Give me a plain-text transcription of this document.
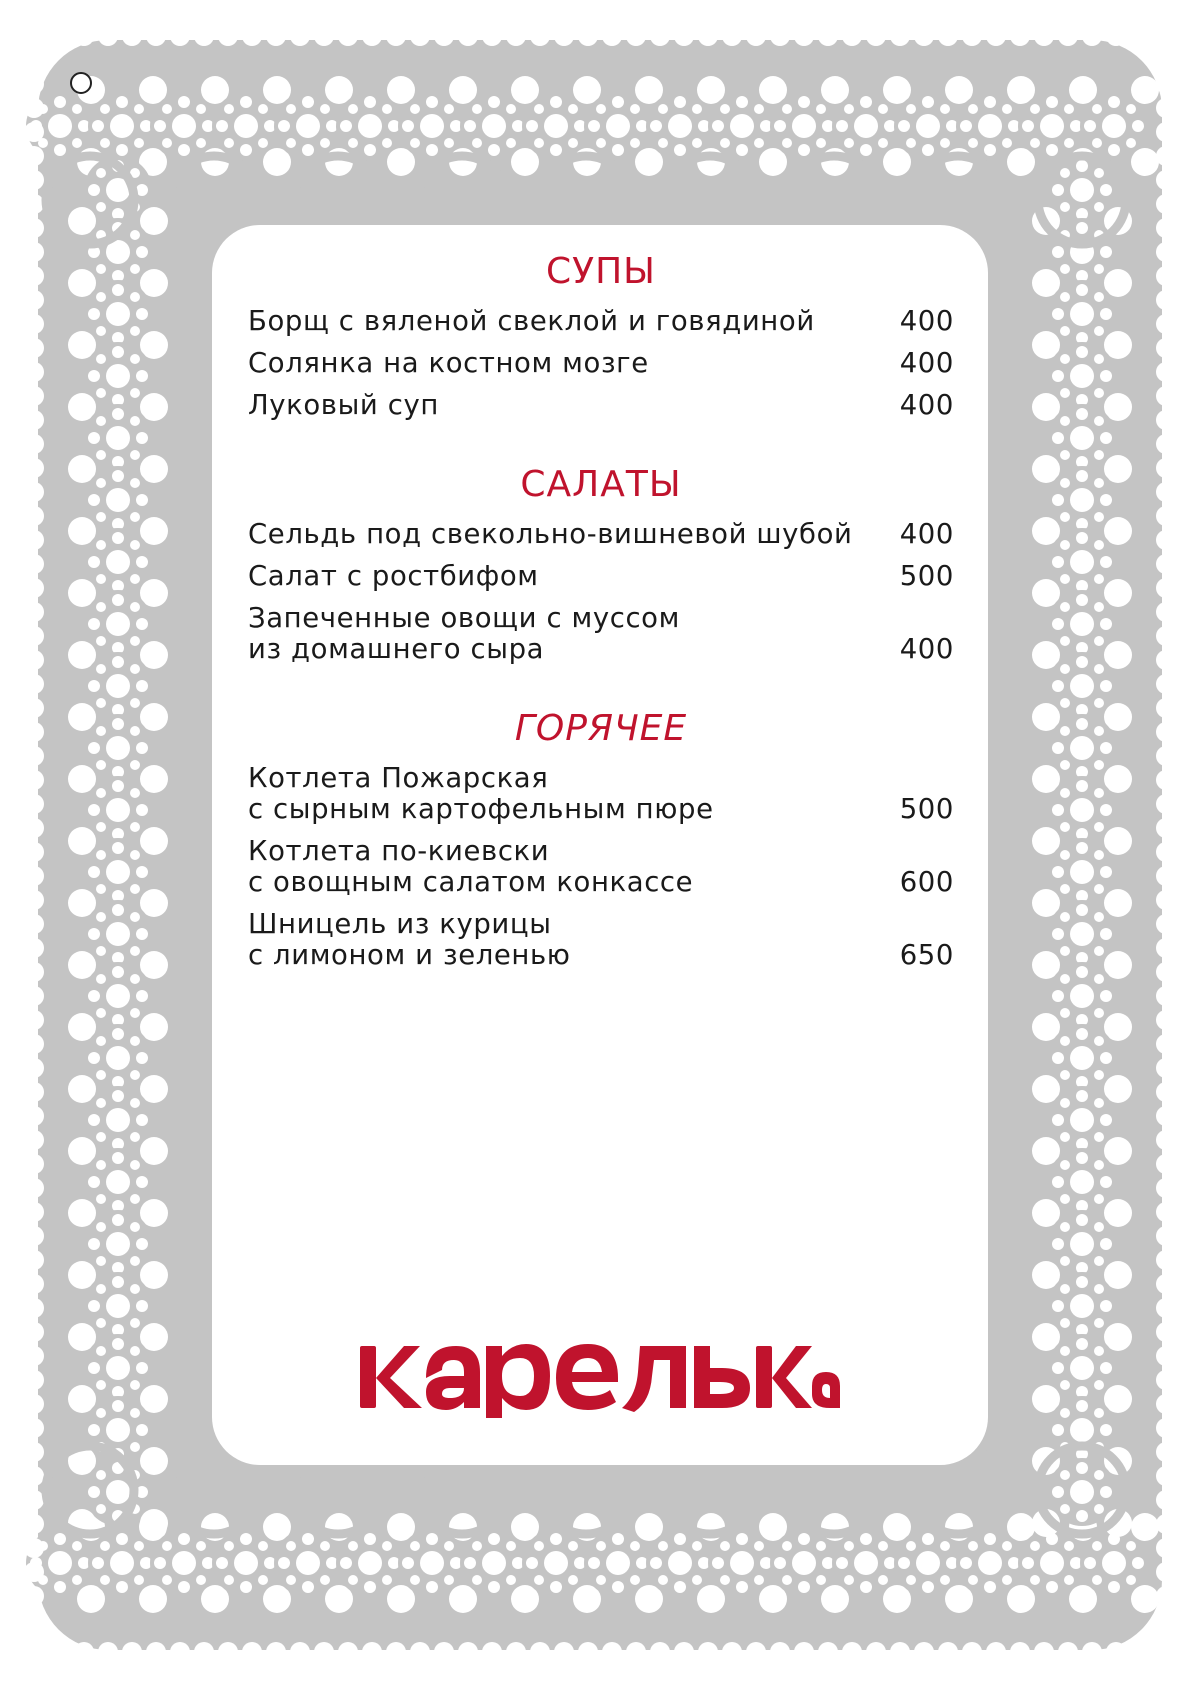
СУПЫ
Борщ с вяленой свеклой и говядиной	400
Солянка на костном мозге	400
Луковый суп	400
САЛАТЫ
Сельдь под свекольно-вишневой шубой	400
Салат с ростбифом	500
Запеченные овощи с муссом
из домашнего сыра	400
ГОРЯЧЕЕ
Котлета Пожарская
с сырным картофельным пюре	500
Котлета по-киевски
с овощным салатом конкассе	600
Шницель из курицы
с лимоном и зеленью	650
